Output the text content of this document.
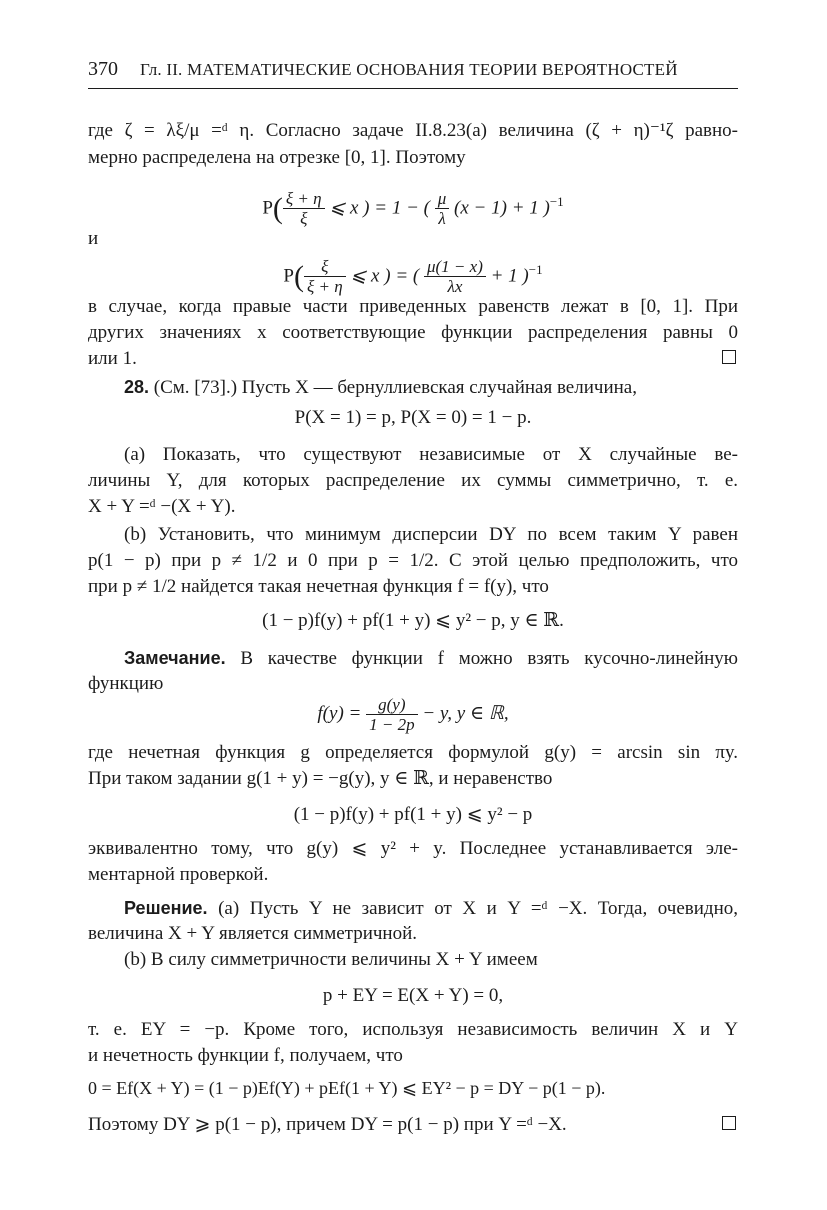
370 Гл. II. МАТЕМАТИЧЕСКИЕ ОСНОВАНИЯ ТЕОРИИ ВЕРОЯТНОСТЕЙ
где ζ = λξ/μ =ᵈ η. Согласно задаче II.8.23(а) величина (ζ + η)⁻¹ζ равно-
мерно распределена на отрезке [0, 1]. Поэтому
$P( \frac{\xi + \eta}{\xi}$ ⩽ x ) = 1 − ( $\frac{\mu}{\lambda} (x - 1) + 1$ )$^{-1}$
и
$P( \frac{\xi}{\xi + \eta}$ ⩽ x ) = ( $\frac{\mu(1 - x)}{\lambda x} + 1$ )$^{-1}$
в случае, когда правые части приведенных равенств лежат в [0, 1]. При
других значениях x соответствующие функции распределения равны 0
или 1.
28. (См. [73].) Пусть X — бернуллиевская случайная величина,
P(X = 1) = p, P(X = 0) = 1 − p.
(а) Показать, что существуют независимые от X случайные ве-
личины Y, для которых распределение их суммы симметрично, т. е.
X + Y =ᵈ −(X + Y).
(b) Установить, что минимум дисперсии DY по всем таким Y равен
p(1 − p) при p ≠ 1/2 и 0 при p = 1/2. С этой целью предположить, что
при p ≠ 1/2 найдется такая нечетная функция f = f(y), что
(1 − p)f(y) + pf(1 + y) ⩽ y² − p, y ∈ ℝ.
Замечание. В качестве функции f можно взять кусочно-линейную
функцию
$f(y) = \frac{g(y)}{1 - 2p} - y$, y ∈ ℝ,
где нечетная функция g определяется формулой g(y) = arcsin sin πy.
При таком задании g(1 + y) = −g(y), y ∈ ℝ, и неравенство
(1 − p)f(y) + pf(1 + y) ⩽ y² − p
эквивалентно тому, что g(y) ⩽ y² + y. Последнее устанавливается эле-
ментарной проверкой.
Решение. (а) Пусть Y не зависит от X и Y =ᵈ −X. Тогда, очевидно,
величина X + Y является симметричной.
(b) В силу симметричности величины X + Y имеем
p + EY = E(X + Y) = 0,
т. е. EY = −p. Кроме того, используя независимость величин X и Y
и нечетность функции f, получаем, что
0 = Ef(X + Y) = (1 − p)Ef(Y) + pEf(1 + Y) ⩽ EY² − p = DY − p(1 − p).
Поэтому DY ⩾ p(1 − p), причем DY = p(1 − p) при Y =ᵈ −X.
